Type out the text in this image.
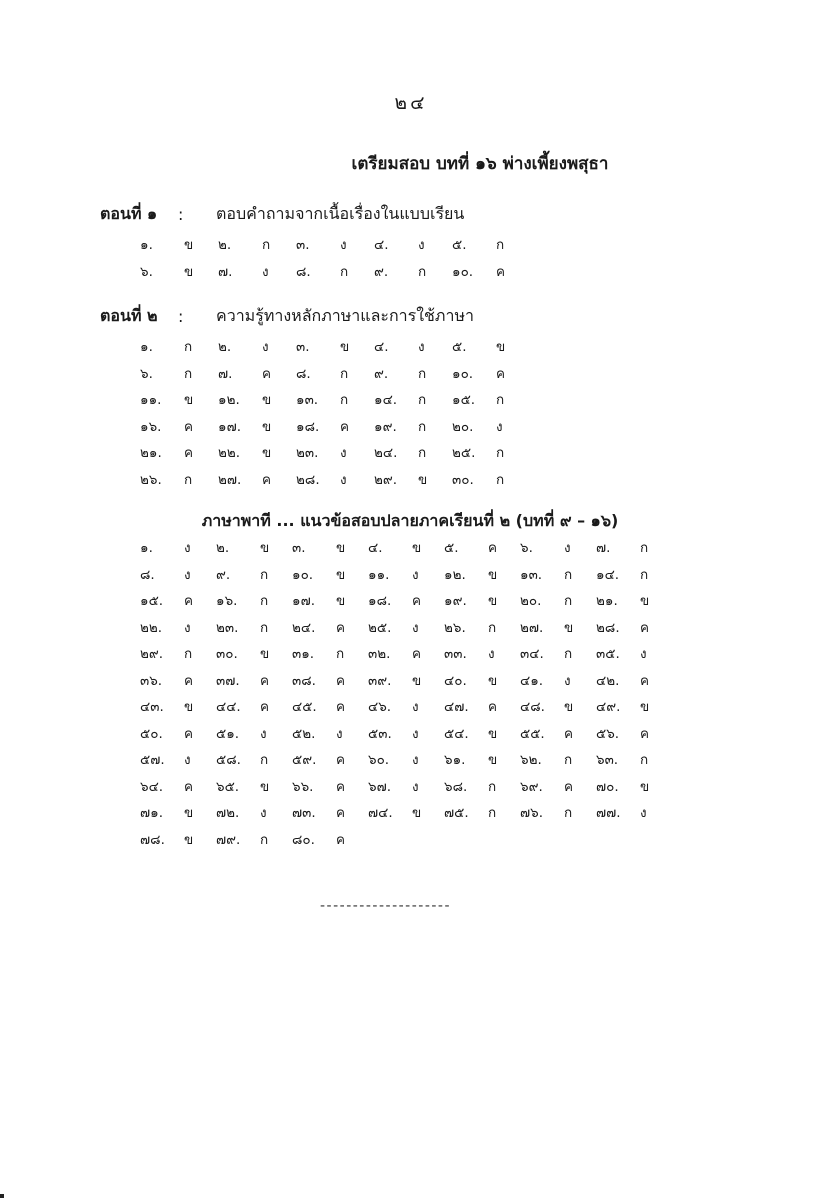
๒๔
เตรียมสอบ บทที่ ๑๖ พ่างเพี้ยงพสุธา
ตอนที่ ๑	:	ตอบคำถามจากเนื้อเรื่องในแบบเรียน
๑.	ข	๒.	ก	๓.	ง	๔.	ง	๕.	ก
๖.	ข	๗.	ง	๘.	ก	๙.	ก	๑๐.	ค
ตอนที่ ๒	:	ความรู้ทางหลักภาษาและการใช้ภาษา
๑.	ก	๒.	ง	๓.	ข	๔.	ง	๕.	ข
๖.	ก	๗.	ค	๘.	ก	๙.	ก	๑๐.	ค
๑๑.	ข	๑๒.	ข	๑๓.	ก	๑๔.	ก	๑๕.	ก
๑๖.	ค	๑๗.	ข	๑๘.	ค	๑๙.	ก	๒๐.	ง
๒๑.	ค	๒๒.	ข	๒๓.	ง	๒๔.	ก	๒๕.	ก
๒๖.	ก	๒๗.	ค	๒๘.	ง	๒๙.	ข	๓๐.	ก
ภาษาพาที ... แนวข้อสอบปลายภาคเรียนที่ ๒ (บทที่ ๙ – ๑๖)
๑.	ง	๒.	ข	๓.	ข	๔.	ข	๕.	ค	๖.	ง	๗.	ก
๘.	ง	๙.	ก	๑๐.	ข	๑๑.	ง	๑๒.	ข	๑๓.	ก	๑๔.	ก
๑๕.	ค	๑๖.	ก	๑๗.	ข	๑๘.	ค	๑๙.	ข	๒๐.	ก	๒๑.	ข
๒๒.	ง	๒๓.	ก	๒๔.	ค	๒๕.	ง	๒๖.	ก	๒๗.	ข	๒๘.	ค
๒๙.	ก	๓๐.	ข	๓๑.	ก	๓๒.	ค	๓๓.	ง	๓๔.	ก	๓๕.	ง
๓๖.	ค	๓๗.	ค	๓๘.	ค	๓๙.	ข	๔๐.	ข	๔๑.	ง	๔๒.	ค
๔๓.	ข	๔๔.	ค	๔๕.	ค	๔๖.	ง	๔๗.	ค	๔๘.	ข	๔๙.	ข
๕๐.	ค	๕๑.	ง	๕๒.	ง	๕๓.	ง	๕๔.	ข	๕๕.	ค	๕๖.	ค
๕๗.	ง	๕๘.	ก	๕๙.	ค	๖๐.	ง	๖๑.	ข	๖๒.	ก	๖๓.	ก
๖๔.	ค	๖๕.	ข	๖๖.	ค	๖๗.	ง	๖๘.	ก	๖๙.	ค	๗๐.	ข
๗๑.	ข	๗๒.	ง	๗๓.	ค	๗๔.	ข	๗๕.	ก	๗๖.	ก	๗๗.	ง
๗๘.	ข	๗๙.	ก	๘๐.	ค
--------------------
